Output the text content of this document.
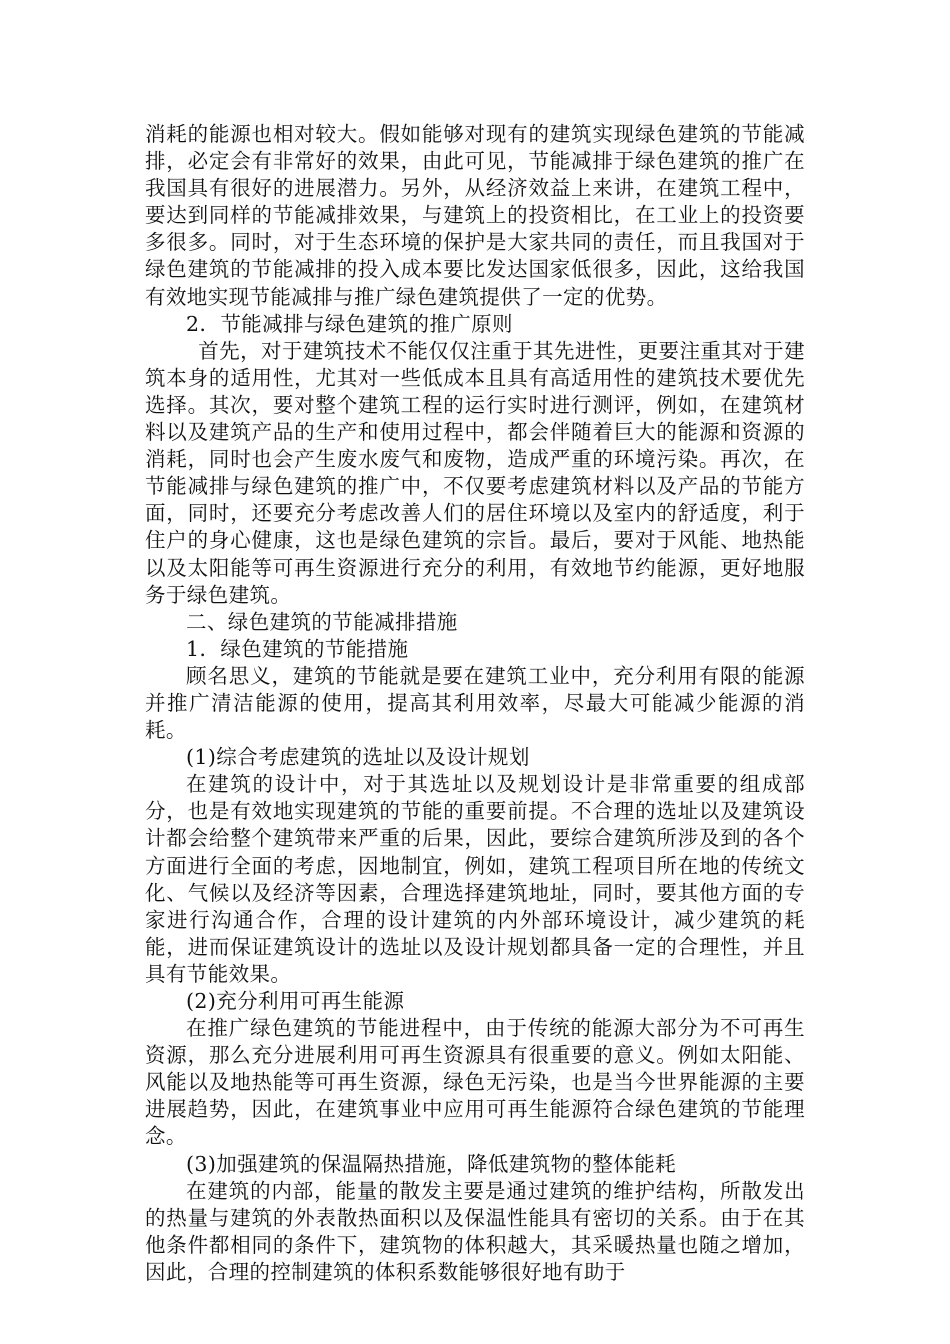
消耗的能源也相对较大。假如能够对现有的建筑实现绿色建筑的节能减排，必定会有非常好的效果，由此可见，节能减排于绿色建筑的推广在我国具有很好的进展潜力。另外，从经济效益上来讲，在建筑工程中，要达到同样的节能减排效果，与建筑上的投资相比，在工业上的投资要多很多。同时，对于生态环境的保护是大家共同的责任，而且我国对于绿色建筑的节能减排的投入成本要比发达国家低很多，因此，这给我国有效地实现节能减排与推广绿色建筑提供了一定的优势。

2．节能减排与绿色建筑的推广原则

首先，对于建筑技术不能仅仅注重于其先进性，更要注重其对于建筑本身的适用性，尤其对一些低成本且具有高适用性的建筑技术要优先选择。其次，要对整个建筑工程的运行实时进行测评，例如，在建筑材料以及建筑产品的生产和使用过程中，都会伴随着巨大的能源和资源的消耗，同时也会产生废水废气和废物，造成严重的环境污染。再次，在节能减排与绿色建筑的推广中，不仅要考虑建筑材料以及产品的节能方面，同时，还要充分考虑改善人们的居住环境以及室内的舒适度，利于住户的身心健康，这也是绿色建筑的宗旨。最后，要对于风能、地热能以及太阳能等可再生资源进行充分的利用，有效地节约能源，更好地服务于绿色建筑。

二、绿色建筑的节能减排措施

1．绿色建筑的节能措施

顾名思义，建筑的节能就是要在建筑工业中，充分利用有限的能源并推广清洁能源的使用，提高其利用效率，尽最大可能减少能源的消耗。

(1)综合考虑建筑的选址以及设计规划

在建筑的设计中，对于其选址以及规划设计是非常重要的组成部分，也是有效地实现建筑的节能的重要前提。不合理的选址以及建筑设计都会给整个建筑带来严重的后果，因此，要综合建筑所涉及到的各个方面进行全面的考虑，因地制宜，例如，建筑工程项目所在地的传统文化、气候以及经济等因素，合理选择建筑地址，同时，要其他方面的专家进行沟通合作，合理的设计建筑的内外部环境设计，减少建筑的耗能，进而保证建筑设计的选址以及设计规划都具备一定的合理性，并且具有节能效果。

(2)充分利用可再生能源

在推广绿色建筑的节能进程中，由于传统的能源大部分为不可再生资源，那么充分进展利用可再生资源具有很重要的意义。例如太阳能、风能以及地热能等可再生资源，绿色无污染，也是当今世界能源的主要进展趋势，因此，在建筑事业中应用可再生能源符合绿色建筑的节能理念。

(3)加强建筑的保温隔热措施，降低建筑物的整体能耗

在建筑的内部，能量的散发主要是通过建筑的维护结构，所散发出的热量与建筑的外表散热面积以及保温性能具有密切的关系。由于在其他条件都相同的条件下，建筑物的体积越大，其采暖热量也随之增加，因此，合理的控制建筑的体积系数能够很好地有助于
